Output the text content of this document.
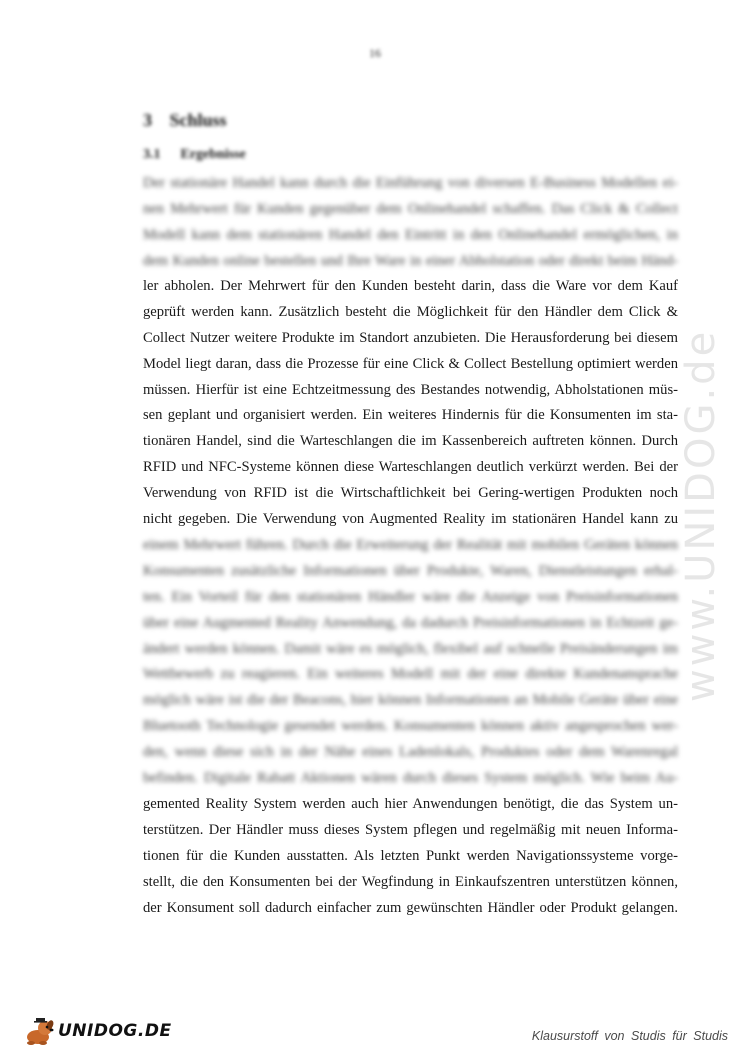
16
3 Schluss
3.1 Ergebnisse
Der stationäre Handel kann durch die Einführung von diversen E-Business Modellen ei-
nen Mehrwert für Kunden gegenüber dem Onlinehandel schaffen. Das Click & Collect
Modell kann dem stationären Handel den Eintritt in den Onlinehandel ermöglichen, in
dem Kunden online bestellen und Ihre Ware in einer Abholstation oder direkt beim Händ-
ler abholen. Der Mehrwert für den Kunden besteht darin, dass die Ware vor dem Kauf
geprüft werden kann. Zusätzlich besteht die Möglichkeit für den Händler dem Click &
Collect Nutzer weitere Produkte im Standort anzubieten. Die Herausforderung bei diesem
Model liegt daran, dass die Prozesse für eine Click & Collect Bestellung optimiert werden
müssen. Hierfür ist eine Echtzeitmessung des Bestandes notwendig, Abholstationen müs-
sen geplant und organisiert werden. Ein weiteres Hindernis für die Konsumenten im sta-
tionären Handel, sind die Warteschlangen die im Kassenbereich auftreten können. Durch
RFID und NFC-Systeme können diese Warteschlangen deutlich verkürzt werden. Bei der
Verwendung von RFID ist die Wirtschaftlichkeit bei Gering-wertigen Produkten noch
nicht gegeben. Die Verwendung von Augmented Reality im stationären Handel kann zu
einem Mehrwert führen. Durch die Erweiterung der Realität mit mobilen Geräten können
Konsumenten zusätzliche Informationen über Produkte, Waren, Dienstleistungen erhal-
ten. Ein Vorteil für den stationären Händler wäre die Anzeige von Preisinformationen
über eine Augmented Reality Anwendung, da dadurch Preisinformationen in Echtzeit ge-
ändert werden können. Damit wäre es möglich, flexibel auf schnelle Preisänderungen im
Wettbewerb zu reagieren. Ein weiteres Modell mit der eine direkte Kundenansprache
möglich wäre ist die der Beacons, hier können Informationen an Mobile Geräte über eine
Bluetooth Technologie gesendet werden. Konsumenten können aktiv angesprochen wer-
den, wenn diese sich in der Nähe eines Ladenlokals, Produktes oder dem Warenregal
befinden. Digitale Rabatt Aktionen wären durch dieses System möglich. Wie beim Au-
gemented Reality System werden auch hier Anwendungen benötigt, die das System un-
terstützen. Der Händler muss dieses System pflegen und regelmäßig mit neuen Informa-
tionen für die Kunden ausstatten. Als letzten Punkt werden Navigationssysteme vorge-
stellt, die den Konsumenten bei der Wegfindung in Einkaufszentren unterstützen können,
der Konsument soll dadurch einfacher zum gewünschten Händler oder Produkt gelangen.
www.UNIDOG.de
UNIDOG.DE	Klausurstoff von Studis für Studis
